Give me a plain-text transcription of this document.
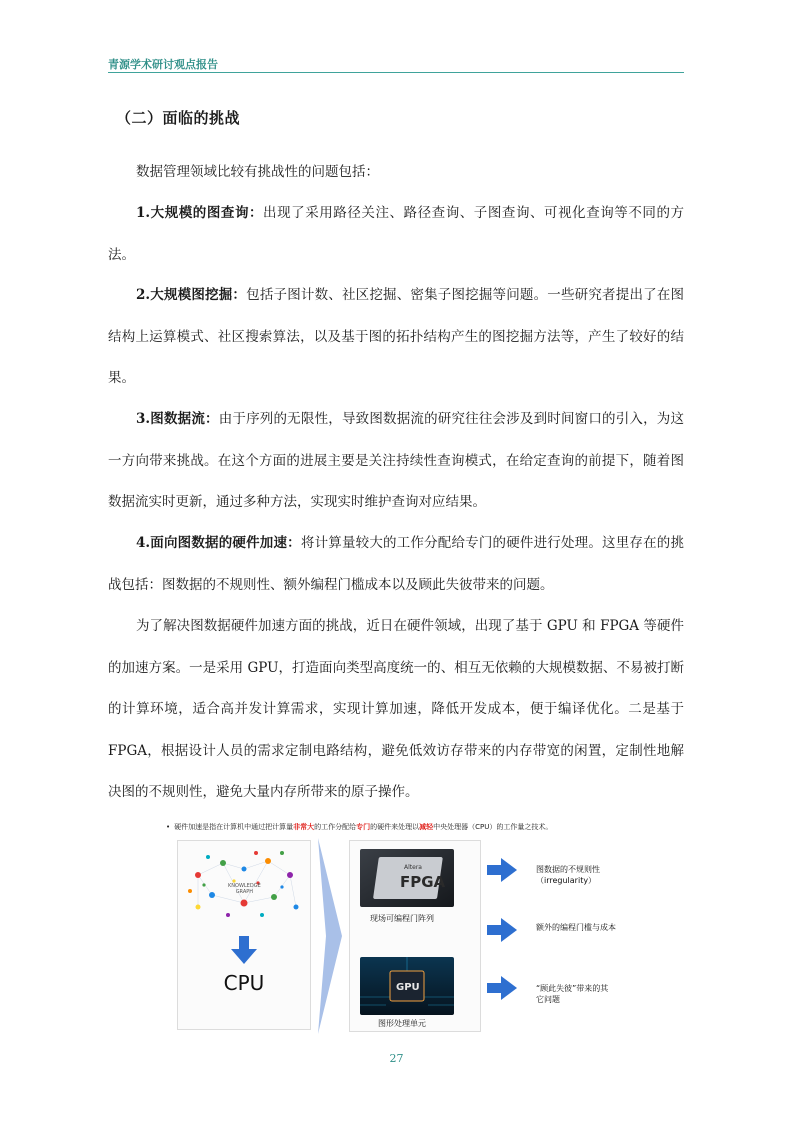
青源学术研讨观点报告
（二）面临的挑战

数据管理领域比较有挑战性的问题包括：

1.大规模的图查询：出现了采用路径关注、路径查询、子图查询、可视化查询等不同的方法。

2.大规模图挖掘：包括子图计数、社区挖掘、密集子图挖掘等问题。一些研究者提出了在图结构上运算模式、社区搜索算法，以及基于图的拓扑结构产生的图挖掘方法等，产生了较好的结果。

3.图数据流：由于序列的无限性，导致图数据流的研究往往会涉及到时间窗口的引入，为这一方向带来挑战。在这个方面的进展主要是关注持续性查询模式，在给定查询的前提下，随着图数据流实时更新，通过多种方法，实现实时维护查询对应结果。

4.面向图数据的硬件加速：将计算量较大的工作分配给专门的硬件进行处理。这里存在的挑战包括：图数据的不规则性、额外编程门槛成本以及顾此失彼带来的问题。

为了解决图数据硬件加速方面的挑战，近日在硬件领域，出现了基于 GPU 和 FPGA 等硬件的加速方案。一是采用 GPU，打造面向类型高度统一的、相互无依赖的大规模数据、不易被打断的计算环境，适合高并发计算需求，实现计算加速，降低开发成本，便于编译优化。二是基于 FPGA，根据设计人员的需求定制电路结构，避免低效访存带来的内存带宽的闲置，定制性地解决图的不规则性，避免大量内存所带来的原子操作。

• 硬件加速是指在计算机中通过把计算量非常大的工作分配给专门的硬件来处理以减轻中央处理器（CPU）的工作量之技术。
KNOWLEDGE
GRAPH
CPU
Altera
FPGA
现场可编程门阵列
GPU
图形处理单元
图数据的不规则性
（irregularity）
额外的编程门槛与成本
“顾此失彼”带来的其
它问题
27
